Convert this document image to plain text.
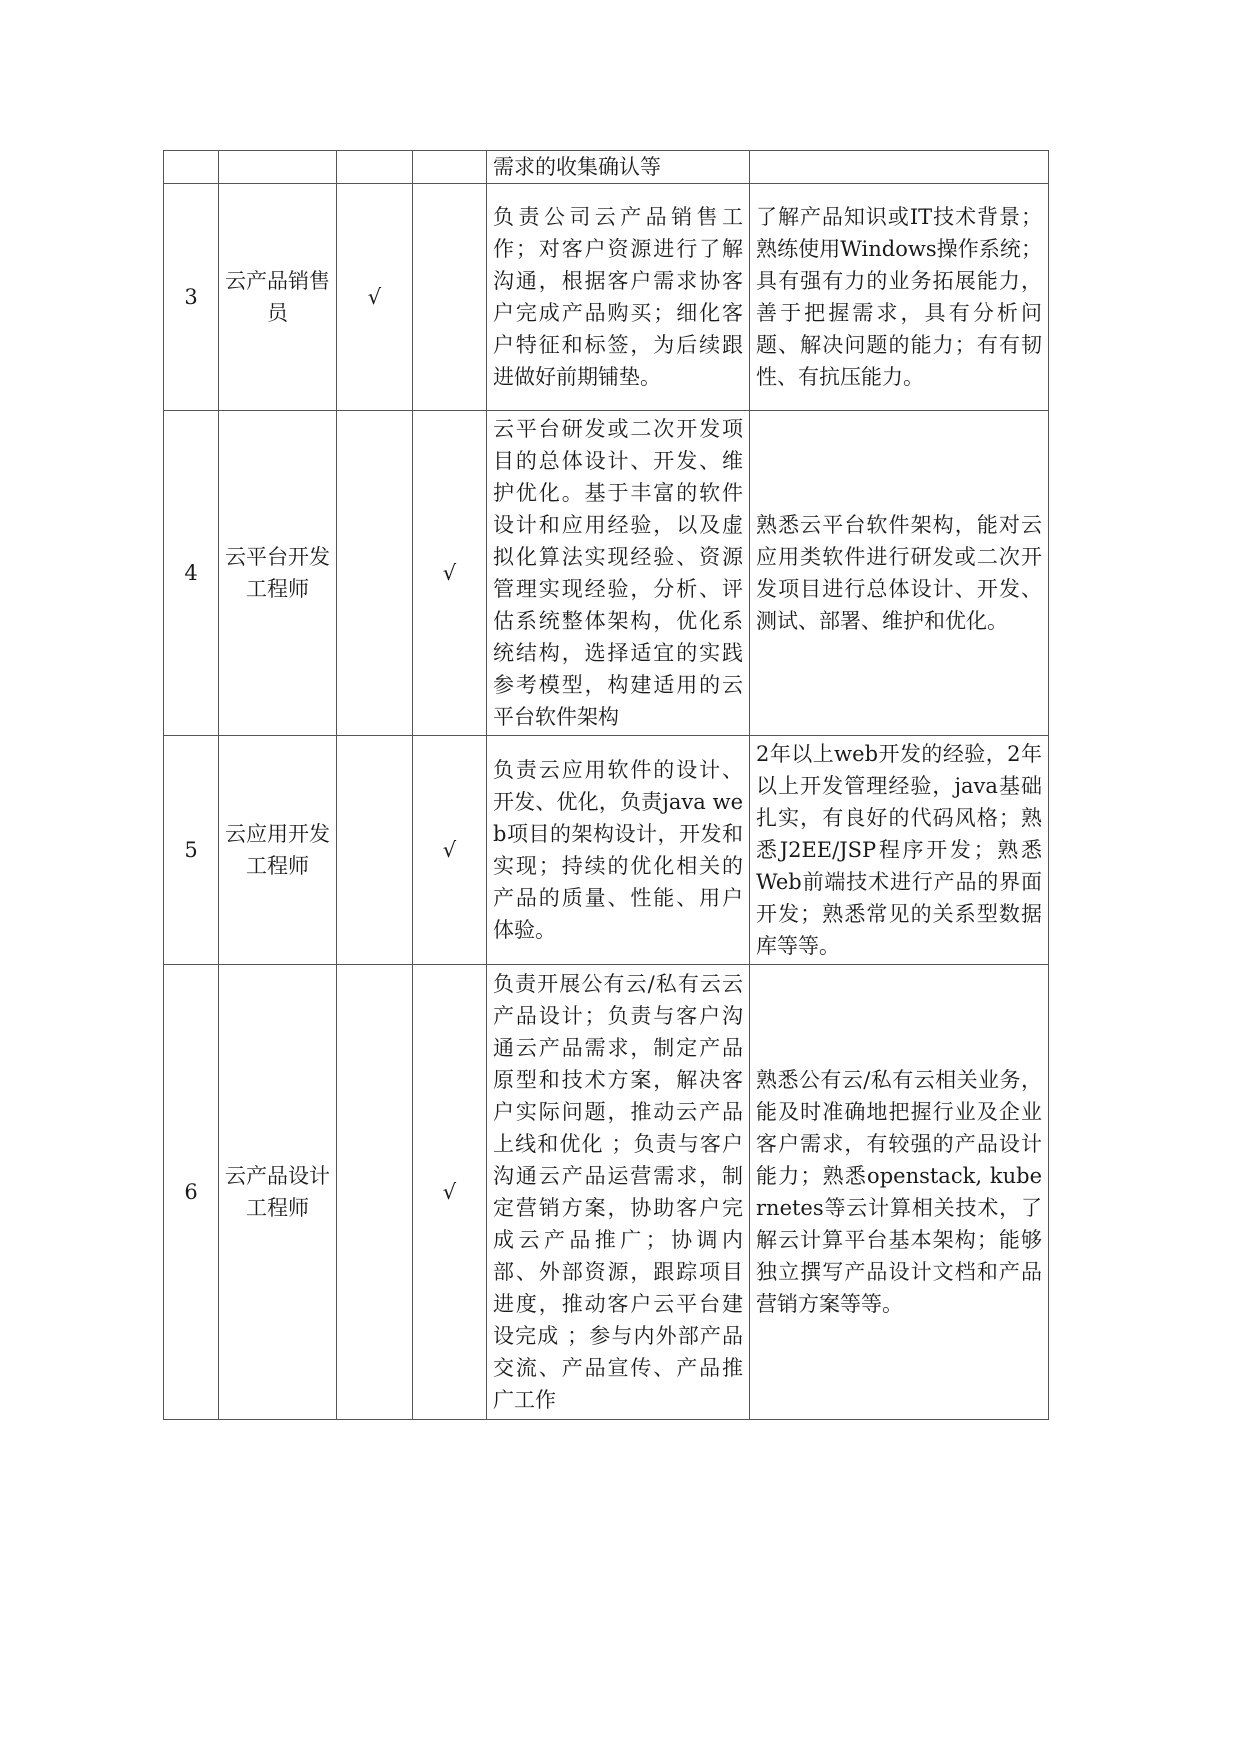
				需求的收集确认等	
3	云产品销售员	√		负责公司云产品销售工作；对客户资源进行了解沟通，根据客户需求协客户完成产品购买；细化客户特征和标签，为后续跟进做好前期铺垫。	了解产品知识或IT技术背景；熟练使用Windows操作系统；具有强有力的业务拓展能力，善于把握需求，具有分析问题、解决问题的能力；有有韧性、有抗压能力。
4	云平台开发工程师		√	云平台研发或二次开发项目的总体设计、开发、维护优化。基于丰富的软件设计和应用经验，以及虚拟化算法实现经验、资源管理实现经验，分析、评估系统整体架构，优化系统结构，选择适宜的实践参考模型，构建适用的云平台软件架构	熟悉云平台软件架构，能对云应用类软件进行研发或二次开发项目进行总体设计、开发、测试、部署、维护和优化。
5	云应用开发工程师		√	负责云应用软件的设计、开发、优化，负责java web项目的架构设计，开发和实现；持续的优化相关的产品的质量、性能、用户体验。	2年以上web开发的经验，2年以上开发管理经验，java基础扎实，有良好的代码风格；熟悉J2EE/JSP程序开发；熟悉Web前端技术进行产品的界面开发；熟悉常见的关系型数据库等等。
6	云产品设计工程师		√	负责开展公有云/私有云云产品设计；负责与客户沟通云产品需求，制定产品原型和技术方案，解决客户实际问题，推动云产品上线和优化 ；负责与客户沟通云产品运营需求，制定营销方案，协助客户完成云产品推广；协调内部、外部资源，跟踪项目进度，推动客户云平台建设完成 ；参与内外部产品交流、产品宣传、产品推广工作	熟悉公有云/私有云相关业务，能及时准确地把握行业及企业客户需求，有较强的产品设计能力；熟悉openstack, kubernetes等云计算相关技术，了解云计算平台基本架构；能够独立撰写产品设计文档和产品营销方案等等。
